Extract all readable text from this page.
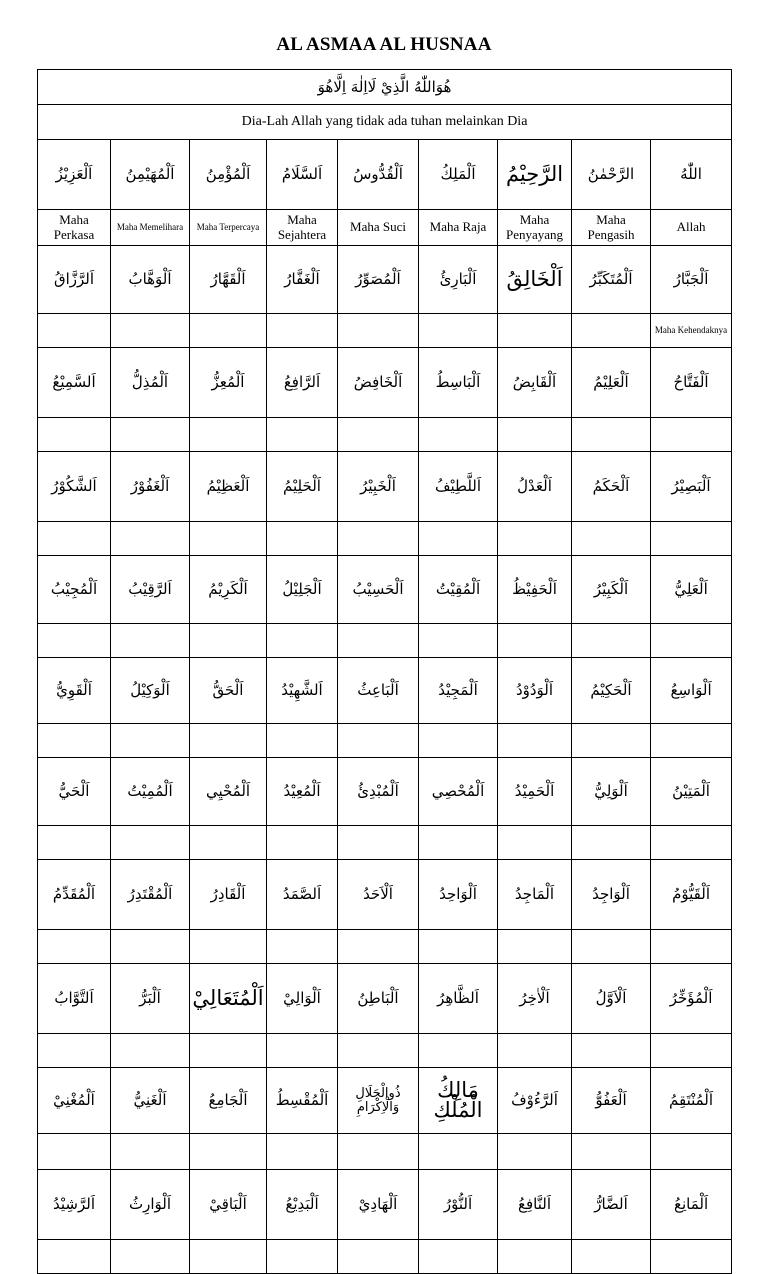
AL ASMAA AL HUSNAA
هُوَاللّٰهُ الَّذِيْ لَااِلٰهَ اِلَّاهُوَ								
Dia-Lah Allah yang tidak ada tuhan melainkan Dia								
اَلْعَزِيْزُ	اَلْمُهَيْمِنُ	اَلْمُؤْمِنُ	اَلسَّلَامُ	اَلْقُدُّوسُ	اَلْمَلِكُ	الرَّحِيْمُ	الرَّحْمٰنُ	اللّٰهُ
Maha Perkasa	Maha Memelihara	Maha Terpercaya	Maha Sejahtera	Maha Suci	Maha Raja	Maha Penyayang	Maha Pengasih	Allah
اَلرَّزَّاقُ	اَلْوَهَّابُ	اَلْقَهَّارُ	اَلْغَفَّارُ	اَلْمُصَوِّرُ	اَلْبَارِئُ	اَلْخَالِقُ	اَلْمُتَكَبِّرُ	اَلْجَبَّارُ
								Maha Kehendaknya
اَلسَّمِيْعُ	اَلْمُذِلُّ	اَلْمُعِزُّ	اَلرَّافِعُ	اَلْخَافِضُ	اَلْبَاسِطُ	اَلْقَابِضُ	اَلْعَلِيْمُ	اَلْفَتَّاحُ

اَلشَّكُوْرُ	اَلْغَفُوْرُ	اَلْعَظِيْمُ	اَلْحَلِيْمُ	اَلْخَبِيْرُ	اَللَّطِيْفُ	اَلْعَدْلُ	اَلْحَكَمُ	اَلْبَصِيْرُ

اَلْمُجِيْبُ	اَلرَّقِيْبُ	اَلْكَرِيْمُ	اَلْجَلِيْلُ	اَلْحَسِيْبُ	اَلْمُقِيْتُ	اَلْحَفِيْظُ	اَلْكَبِيْرُ	اَلْعَلِيُّ

اَلْقَوِيُّ	اَلْوَكِيْلُ	اَلْحَقُّ	اَلشَّهِيْدُ	اَلْبَاعِثُ	اَلْمَجِيْدُ	اَلْوَدُوْدُ	اَلْحَكِيْمُ	اَلْوَاسِعُ

اَلْحَيُّ	اَلْمُمِيْتُ	اَلْمُحْيِي	اَلْمُعِيْدُ	اَلْمُبْدِئُ	اَلْمُحْصِي	اَلْحَمِيْدُ	اَلْوَلِيُّ	اَلْمَتِيْنُ

اَلْمُقَدِّمُ	اَلْمُقْتَدِرُ	اَلْقَادِرُ	اَلصَّمَدُ	اَلْاَحَدُ	اَلْوَاحِدُ	اَلْمَاجِدُ	اَلْوَاجِدُ	اَلْقَيُّوْمُ

اَلتَّوَّابُ	اَلْبَرُّ	اَلْمُتَعَالِيْ	اَلْوَالِيْ	اَلْبَاطِنُ	اَلظَّاهِرُ	اَلْاٰخِرُ	اَلْاَوَّلُ	اَلْمُؤَخِّرُ

اَلْمُغْنِيْ	اَلْغَنِيُّ	اَلْجَامِعُ	اَلْمُقْسِطُ	ذُوالْجَلَالِ وَالْاِكْرَامِ	مَالِكُ الْمُلْكِ	اَلرَّءُوْفُ	اَلْعَفُوُّ	اَلْمُنْتَقِمُ

اَلرَّشِيْدُ	اَلْوَارِثُ	اَلْبَاقِيْ	اَلْبَدِيْعُ	اَلْهَادِيْ	اَلنُّوْرُ	اَلنَّافِعُ	اَلضَّارُّ	اَلْمَانِعُ
